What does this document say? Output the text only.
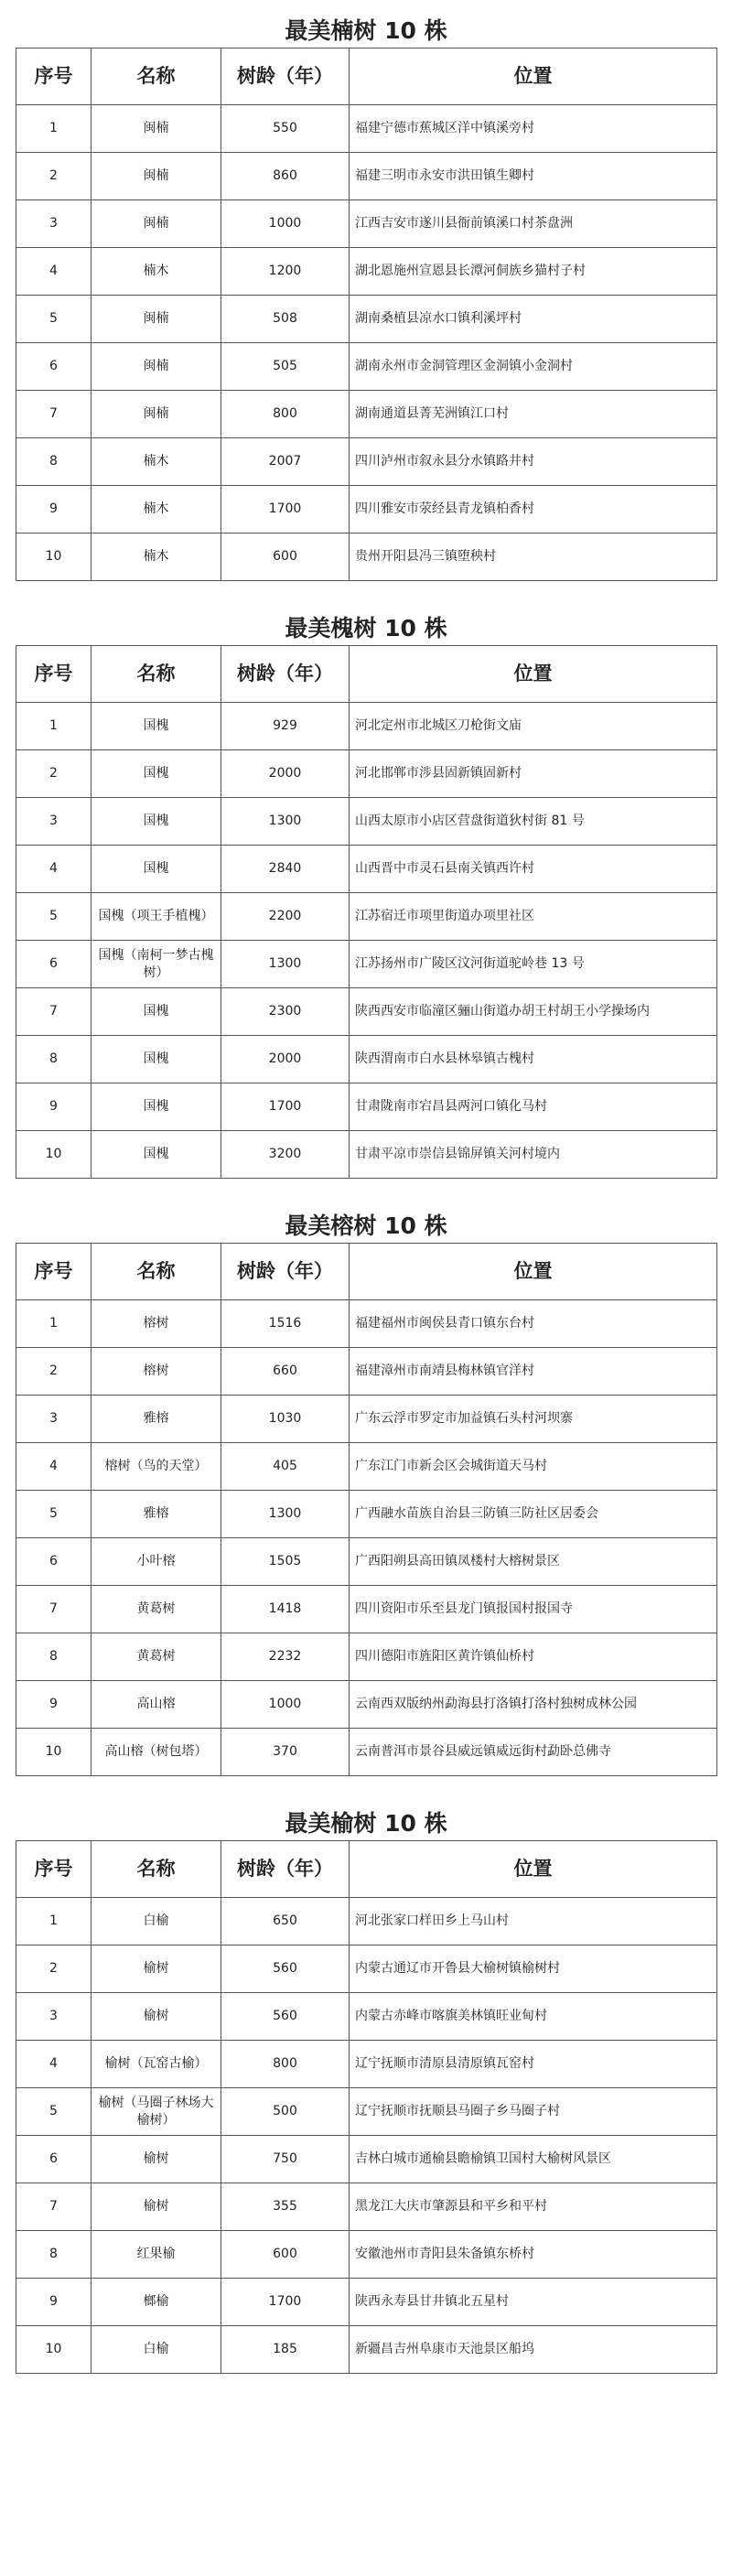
最美楠树 10 株
序号	名称	树龄（年）	位置
1	闽楠	550	福建宁德市蕉城区洋中镇溪旁村
2	闽楠	860	福建三明市永安市洪田镇生卿村
3	闽楠	1000	江西吉安市遂川县衙前镇溪口村茶盘洲
4	楠木	1200	湖北恩施州宣恩县长潭河侗族乡猫村子村
5	闽楠	508	湖南桑植县凉水口镇利溪坪村
6	闽楠	505	湖南永州市金洞管理区金洞镇小金洞村
7	闽楠	800	湖南通道县菁芜洲镇江口村
8	楠木	2007	四川泸州市叙永县分水镇路井村
9	楠木	1700	四川雅安市荥经县青龙镇柏香村
10	楠木	600	贵州开阳县冯三镇堕秧村
最美槐树 10 株
序号	名称	树龄（年）	位置
1	国槐	929	河北定州市北城区刀枪街文庙
2	国槐	2000	河北邯郸市涉县固新镇固新村
3	国槐	1300	山西太原市小店区营盘街道狄村街 81 号
4	国槐	2840	山西晋中市灵石县南关镇西许村
5	国槐（项王手植槐）	2200	江苏宿迁市项里街道办项里社区
6	国槐（南柯一梦古槐树）	1300	江苏扬州市广陵区汶河街道驼岭巷 13 号
7	国槐	2300	陕西西安市临潼区骊山街道办胡王村胡王小学操场内
8	国槐	2000	陕西渭南市白水县林皋镇古槐村
9	国槐	1700	甘肃陇南市宕昌县两河口镇化马村
10	国槐	3200	甘肃平凉市崇信县锦屏镇关河村境内
最美榕树 10 株
序号	名称	树龄（年）	位置
1	榕树	1516	福建福州市闽侯县青口镇东台村
2	榕树	660	福建漳州市南靖县梅林镇官洋村
3	雅榕	1030	广东云浮市罗定市加益镇石头村河坝寨
4	榕树（鸟的天堂）	405	广东江门市新会区会城街道天马村
5	雅榕	1300	广西融水苗族自治县三防镇三防社区居委会
6	小叶榕	1505	广西阳朔县高田镇凤楼村大榕树景区
7	黄葛树	1418	四川资阳市乐至县龙门镇报国村报国寺
8	黄葛树	2232	四川德阳市旌阳区黄许镇仙桥村
9	高山榕	1000	云南西双版纳州勐海县打洛镇打洛村独树成林公园
10	高山榕（树包塔）	370	云南普洱市景谷县威远镇威远街村勐卧总佛寺
最美榆树 10 株
序号	名称	树龄（年）	位置
1	白榆	650	河北张家口样田乡上马山村
2	榆树	560	内蒙古通辽市开鲁县大榆树镇榆树村
3	榆树	560	内蒙古赤峰市喀旗美林镇旺业甸村
4	榆树（瓦窑古榆）	800	辽宁抚顺市清原县清原镇瓦窑村
5	榆树（马圈子林场大榆树）	500	辽宁抚顺市抚顺县马圈子乡马圈子村
6	榆树	750	吉林白城市通榆县瞻榆镇卫国村大榆树风景区
7	榆树	355	黑龙江大庆市肇源县和平乡和平村
8	红果榆	600	安徽池州市青阳县朱备镇东桥村
9	榔榆	1700	陕西永寿县甘井镇北五星村
10	白榆	185	新疆昌吉州阜康市天池景区船坞
